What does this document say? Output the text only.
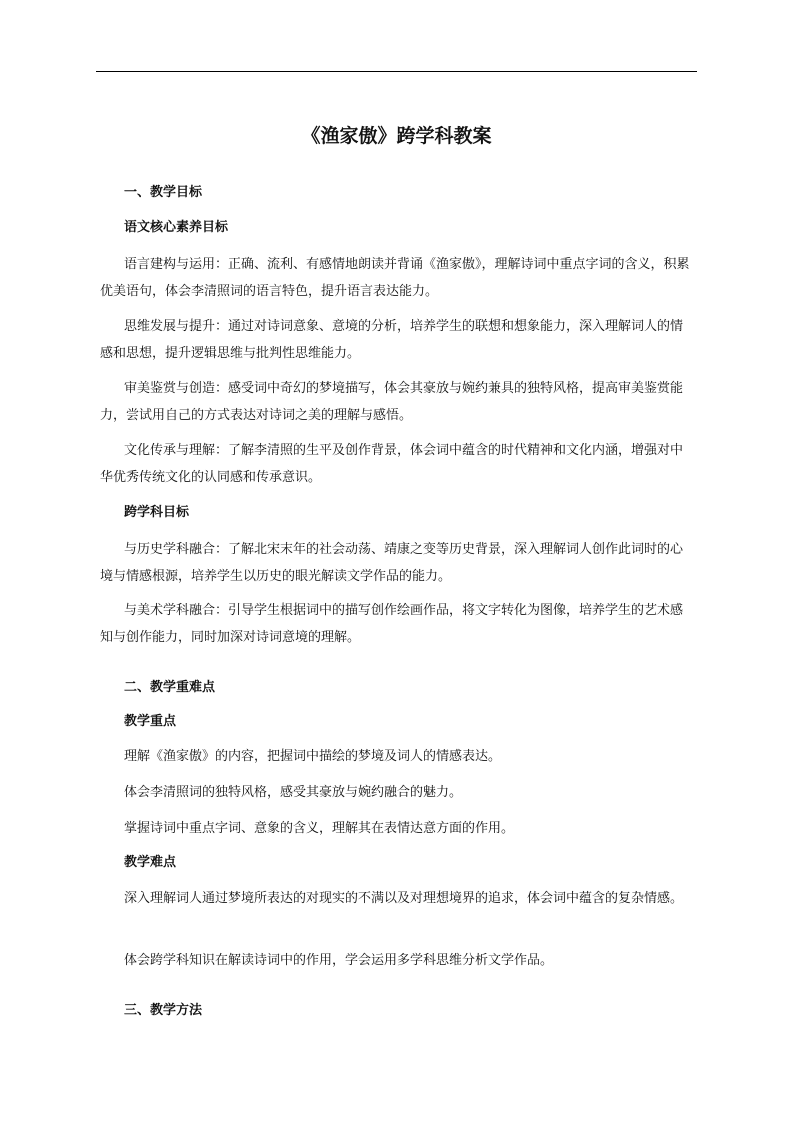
《渔家傲》跨学科教案
一、教学目标
语文核心素养目标

语言建构与运用：正确、流利、有感情地朗读并背诵《渔家傲》，理解诗词中重点字词的含义，积累优美语句，体会李清照词的语言特色，提升语言表达能力。

思维发展与提升：通过对诗词意象、意境的分析，培养学生的联想和想象能力，深入理解词人的情感和思想，提升逻辑思维与批判性思维能力。

审美鉴赏与创造：感受词中奇幻的梦境描写，体会其豪放与婉约兼具的独特风格，提高审美鉴赏能力，尝试用自己的方式表达对诗词之美的理解与感悟。

文化传承与理解：了解李清照的生平及创作背景，体会词中蕴含的时代精神和文化内涵，增强对中华优秀传统文化的认同感和传承意识。

跨学科目标

与历史学科融合：了解北宋末年的社会动荡、靖康之变等历史背景，深入理解词人创作此词时的心境与情感根源，培养学生以历史的眼光解读文学作品的能力。

与美术学科融合：引导学生根据词中的描写创作绘画作品，将文字转化为图像，培养学生的艺术感知与创作能力，同时加深对诗词意境的理解。

二、教学重难点
教学重点

理解《渔家傲》的内容，把握词中描绘的梦境及词人的情感表达。

体会李清照词的独特风格，感受其豪放与婉约融合的魅力。

掌握诗词中重点字词、意象的含义，理解其在表情达意方面的作用。

教学难点

深入理解词人通过梦境所表达的对现实的不满以及对理想境界的追求，体会词中蕴含的复杂情感。

体会跨学科知识在解读诗词中的作用，学会运用多学科思维分析文学作品。

三、教学方法
